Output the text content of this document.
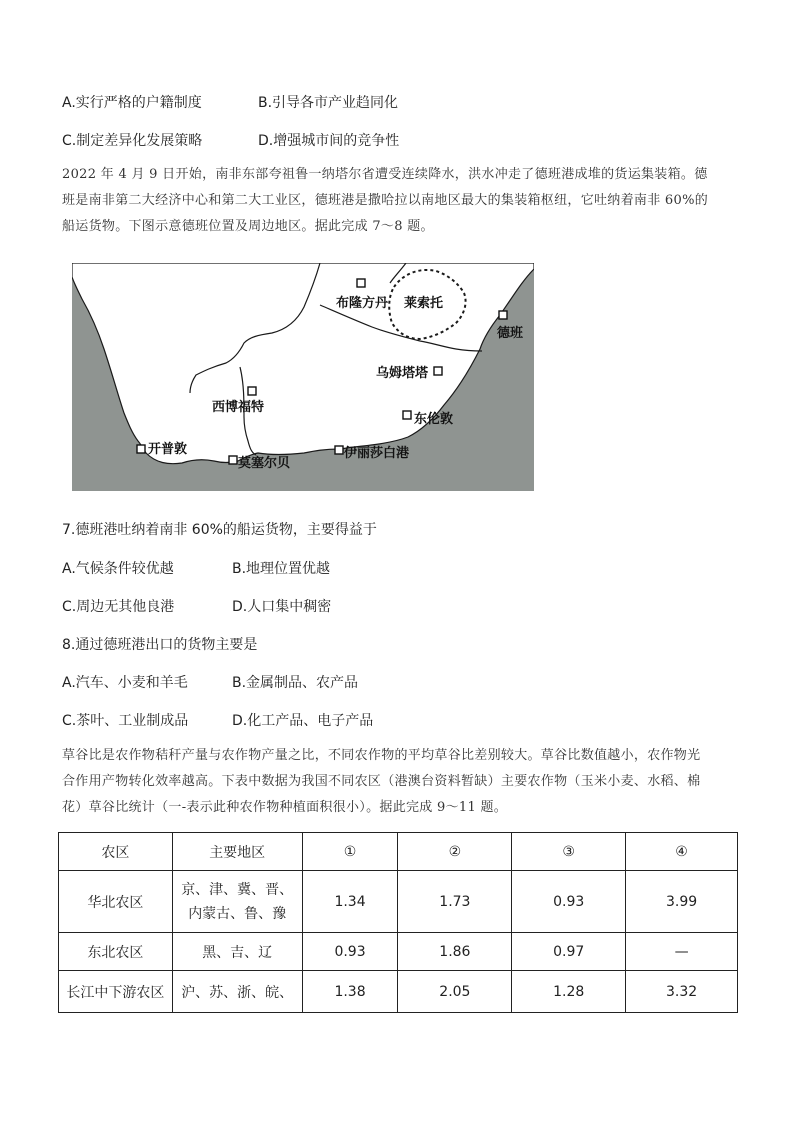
A.实行严格的户籍制度	B.引导各市产业趋同化
C.制定差异化发展策略	D.增强城市间的竞争性
2022 年 4 月 9 日开始，南非东部夸祖鲁一纳塔尔省遭受连续降水，洪水冲走了德班港成堆的货运集装箱。德
班是南非第二大经济中心和第二大工业区，德班港是撒哈拉以南地区最大的集装箱枢纽，它吐纳着南非 60%的
船运货物。下图示意德班位置及周边地区。据此完成 7～8 题。
布隆方丹 莱索托
德班
乌姆塔塔
西博福特
东伦敦
开普敦	伊丽莎白港
莫塞尔贝
7.德班港吐纳着南非 60%的船运货物，主要得益于
A.气候条件较优越	B.地理位置优越
C.周边无其他良港	D.人口集中稠密
8.通过德班港出口的货物主要是
A.汽车、小麦和羊毛	B.金属制品、农产品
C.茶叶、工业制成品	D.化工产品、电子产品
草谷比是农作物秸秆产量与农作物产量之比，不同农作物的平均草谷比差别较大。草谷比数值越小，农作物光
合作用产物转化效率越高。下表中数据为我国不同农区（港澳台资料暂缺）主要农作物（玉米小麦、水稻、棉
花）草谷比统计（一-表示此种农作物种植面积很小）。据此完成 9～11 题。
农区	主要地区	①	②	③	④
华北农区	京、津、冀、晋、
内蒙古、鲁、豫	1.34	1.73	0.93	3.99
东北农区	黑、吉、辽	0.93	1.86	0.97	—
长江中下游农区	沪、苏、浙、皖、	1.38	2.05	1.28	3.32
